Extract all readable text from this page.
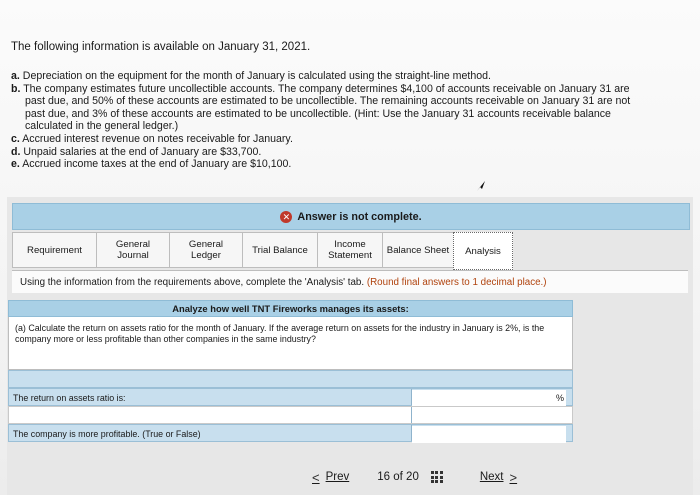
The following information is available on January 31, 2021.
a. Depreciation on the equipment for the month of January is calculated using the straight-line method.
b. The company estimates future uncollectible accounts. The company determines $4,100 of accounts receivable on January 31 are
past due, and 50% of these accounts are estimated to be uncollectible. The remaining accounts receivable on January 31 are not
past due, and 3% of these accounts are estimated to be uncollectible. (Hint: Use the January 31 accounts receivable balance
calculated in the general ledger.)
c. Accrued interest revenue on notes receivable for January.
d. Unpaid salaries at the end of January are $33,700.
e. Accrued income taxes at the end of January are $10,100.
✕ Answer is not complete.
Requirement	General
Journal
General
Ledger	Trial Balance	Income
Statement Balance Sheet Analysis
Using the information from the requirements above, complete the 'Analysis' tab.
(Round final answers to 1 decimal place.)
Analyze how well TNT Fireworks manages its assets:
(a) Calculate the return on assets ratio for the month of January. If the average return on assets for the industry in January is 2%, is the company more or less profitable than other companies in the same industry?
The return on assets ratio is:	%
The company is more profitable. (True or False)
< Prev 16 of 20	Next >
